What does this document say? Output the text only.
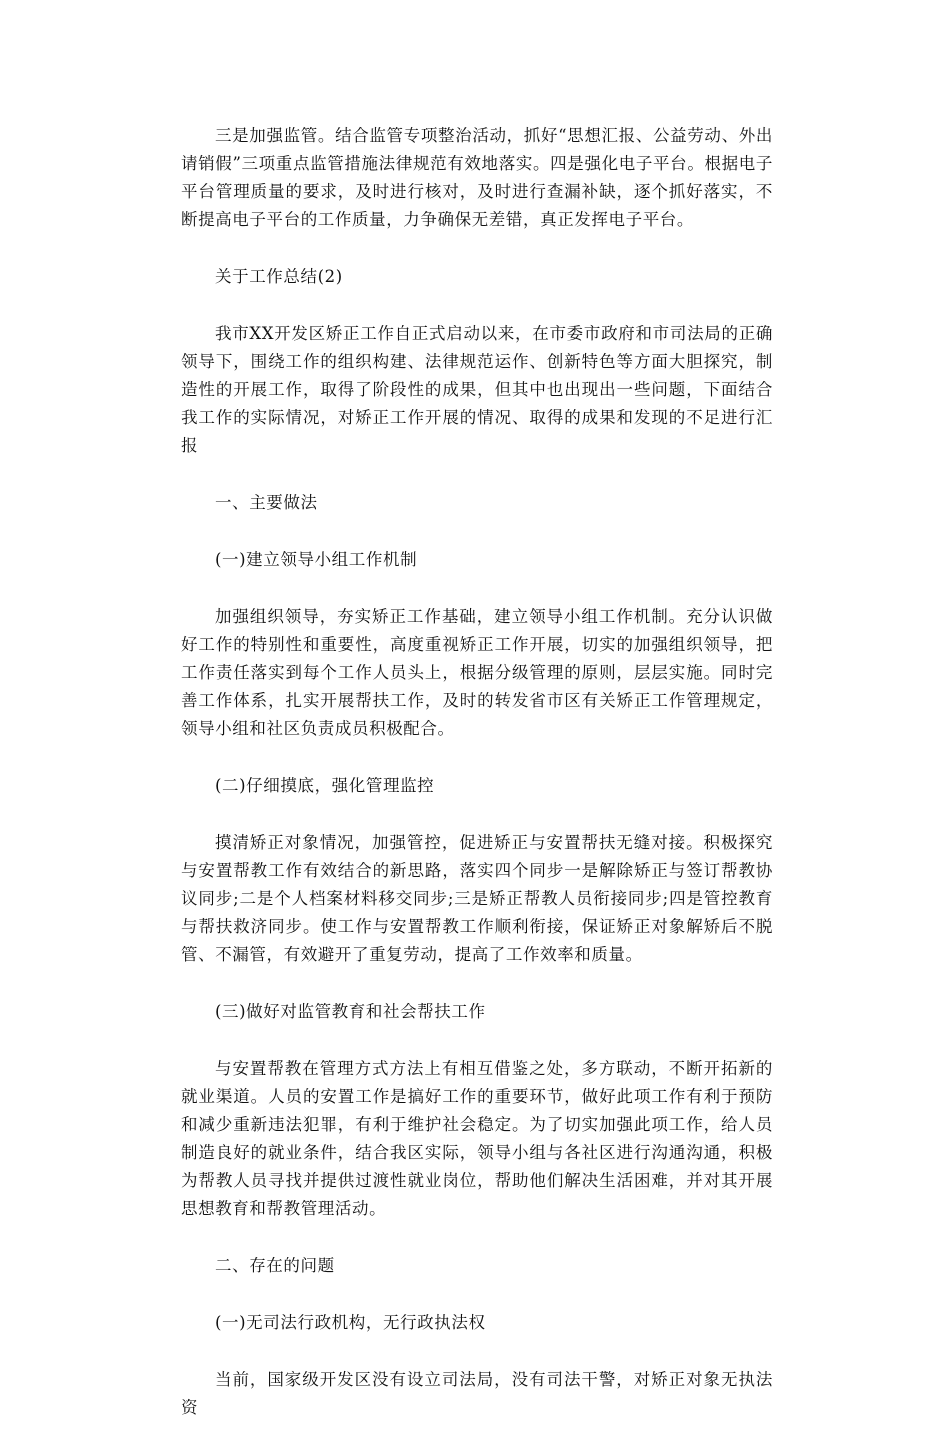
三是加强监管。结合监管专项整治活动，抓好“思想汇报、公益劳动、外出请销假”三项重点监管措施法律规范有效地落实。四是强化电子平台。根据电子平台管理质量的要求，及时进行核对，及时进行查漏补缺，逐个抓好落实，不断提高电子平台的工作质量，力争确保无差错，真正发挥电子平台。

关于工作总结(2)

我市XX开发区矫正工作自正式启动以来，在市委市政府和市司法局的正确领导下，围绕工作的组织构建、法律规范运作、创新特色等方面大胆探究，制造性的开展工作，取得了阶段性的成果，但其中也出现出一些问题，下面结合我工作的实际情况，对矫正工作开展的情况、取得的成果和发现的不足进行汇报

一、主要做法

(一)建立领导小组工作机制

加强组织领导，夯实矫正工作基础，建立领导小组工作机制。充分认识做好工作的特别性和重要性，高度重视矫正工作开展，切实的加强组织领导，把工作责任落实到每个工作人员头上，根据分级管理的原则，层层实施。同时完善工作体系，扎实开展帮扶工作，及时的转发省市区有关矫正工作管理规定，领导小组和社区负责成员积极配合。

(二)仔细摸底，强化管理监控

摸清矫正对象情况，加强管控，促进矫正与安置帮扶无缝对接。积极探究与安置帮教工作有效结合的新思路，落实四个同步一是解除矫正与签订帮教协议同步;二是个人档案材料移交同步;三是矫正帮教人员衔接同步;四是管控教育与帮扶救济同步。使工作与安置帮教工作顺利衔接，保证矫正对象解矫后不脱管、不漏管，有效避开了重复劳动，提高了工作效率和质量。

(三)做好对监管教育和社会帮扶工作

与安置帮教在管理方式方法上有相互借鉴之处，多方联动，不断开拓新的就业渠道。人员的安置工作是搞好工作的重要环节，做好此项工作有利于预防和减少重新违法犯罪，有利于维护社会稳定。为了切实加强此项工作，给人员制造良好的就业条件，结合我区实际，领导小组与各社区进行沟通沟通，积极为帮教人员寻找并提供过渡性就业岗位，帮助他们解决生活困难，并对其开展思想教育和帮教管理活动。

二、存在的问题

(一)无司法行政机构，无行政执法权

当前，国家级开发区没有设立司法局，没有司法干警，对矫正对象无执法资
